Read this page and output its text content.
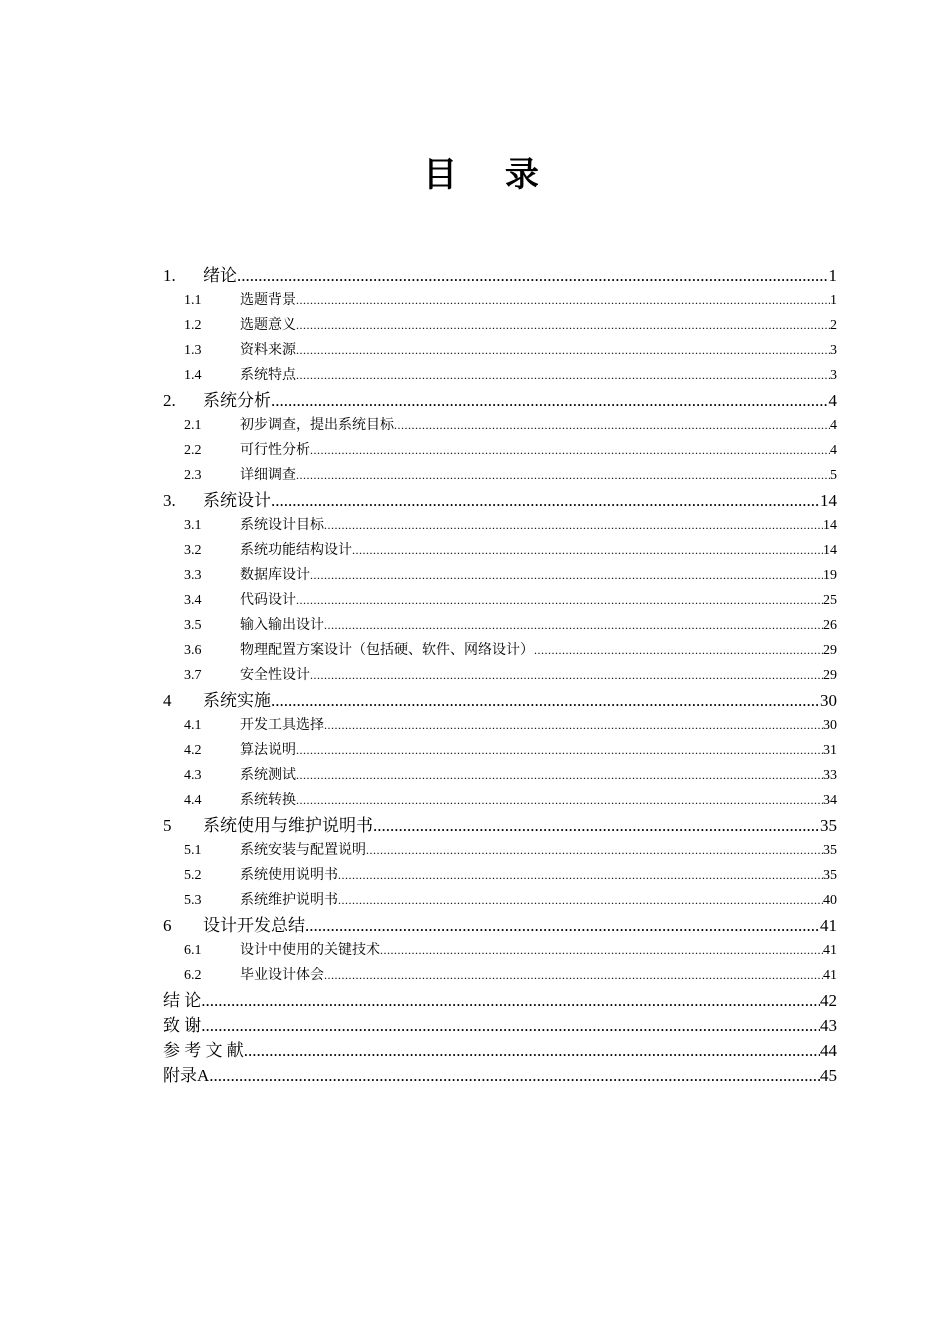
目 录
1.	绪论 .....	1
1.1	选题背景 .....	1
1.2	选题意义 .....	2
1.3	资料来源 .....	3
1.4	系统特点 .....	3
2.	系统分析 .....	4
2.1	初步调查，提出系统目标 .....	4
2.2	可行性分析 .....	4
2.3	详细调查 .....	5
3.	系统设计 .....	14
3.1	系统设计目标 .....	14
3.2	系统功能结构设计 .....	14
3.3	数据库设计 .....	19
3.4	代码设计 .....	25
3.5	输入输出设计 .....	26
3.6	物理配置方案设计（包括硬、软件、网络设计） .....	29
3.7	安全性设计 .....	29
4	系统实施 .....	30
4.1	开发工具选择 .....	30
4.2	算法说明 .....	31
4.3	系统测试 .....	33
4.4	系统转换 .....	34
5	系统使用与维护说明书 .....	35
5.1	系统安装与配置说明 .....	35
5.2	系统使用说明书 .....	35
5.3	系统维护说明书 .....	40
6	设计开发总结 .....	41
6.1	设计中使用的关键技术 .....	41
6.2	毕业设计体会 .....	41
结 论 .....	42
致 谢 .....	43
参 考 文 献 .....	44
附录A .....	45
